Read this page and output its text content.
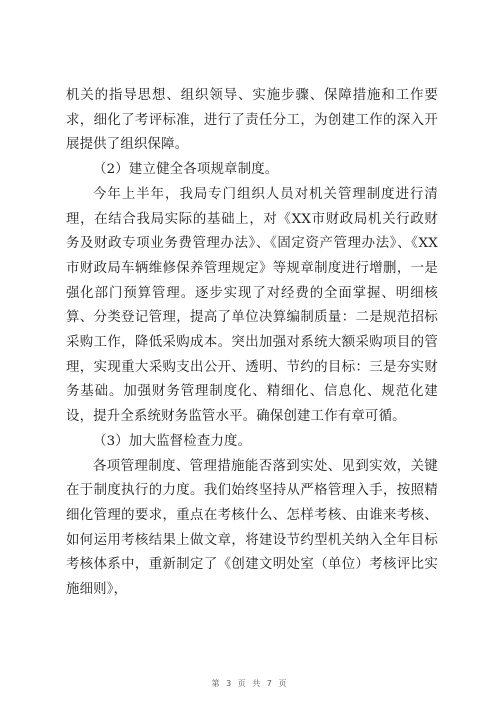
机关的指导思想、组织领导、实施步骤、保障措施和工作要求，细化了考评标准，进行了责任分工，为创建工作的深入开展提供了组织保障。

（2）建立健全各项规章制度。

今年上半年，我局专门组织人员对机关管理制度进行清理，在结合我局实际的基础上，对《XX市财政局机关行政财务及财政专项业务费管理办法》、《固定资产管理办法》、《XX市财政局车辆维修保养管理规定》等规章制度进行增删，一是强化部门预算管理。逐步实现了对经费的全面掌握、明细核算、分类登记管理，提高了单位决算编制质量：二是规范招标采购工作，降低采购成本。突出加强对系统大额采购项目的管理，实现重大采购支出公开、透明、节约的目标：三是夯实财务基础。加强财务管理制度化、精细化、信息化、规范化建设，提升全系统财务监管水平。确保创建工作有章可循。

（3）加大监督检查力度。

各项管理制度、管理措施能否落到实处、见到实效，关键在于制度执行的力度。我们始终坚持从严格管理入手，按照精细化管理的要求，重点在考核什么、怎样考核、由谁来考核、如何运用考核结果上做文章，将建设节约型机关纳入全年目标考核体系中，重新制定了《创建文明处室（单位）考核评比实施细则》，

第 3 页 共 7 页
